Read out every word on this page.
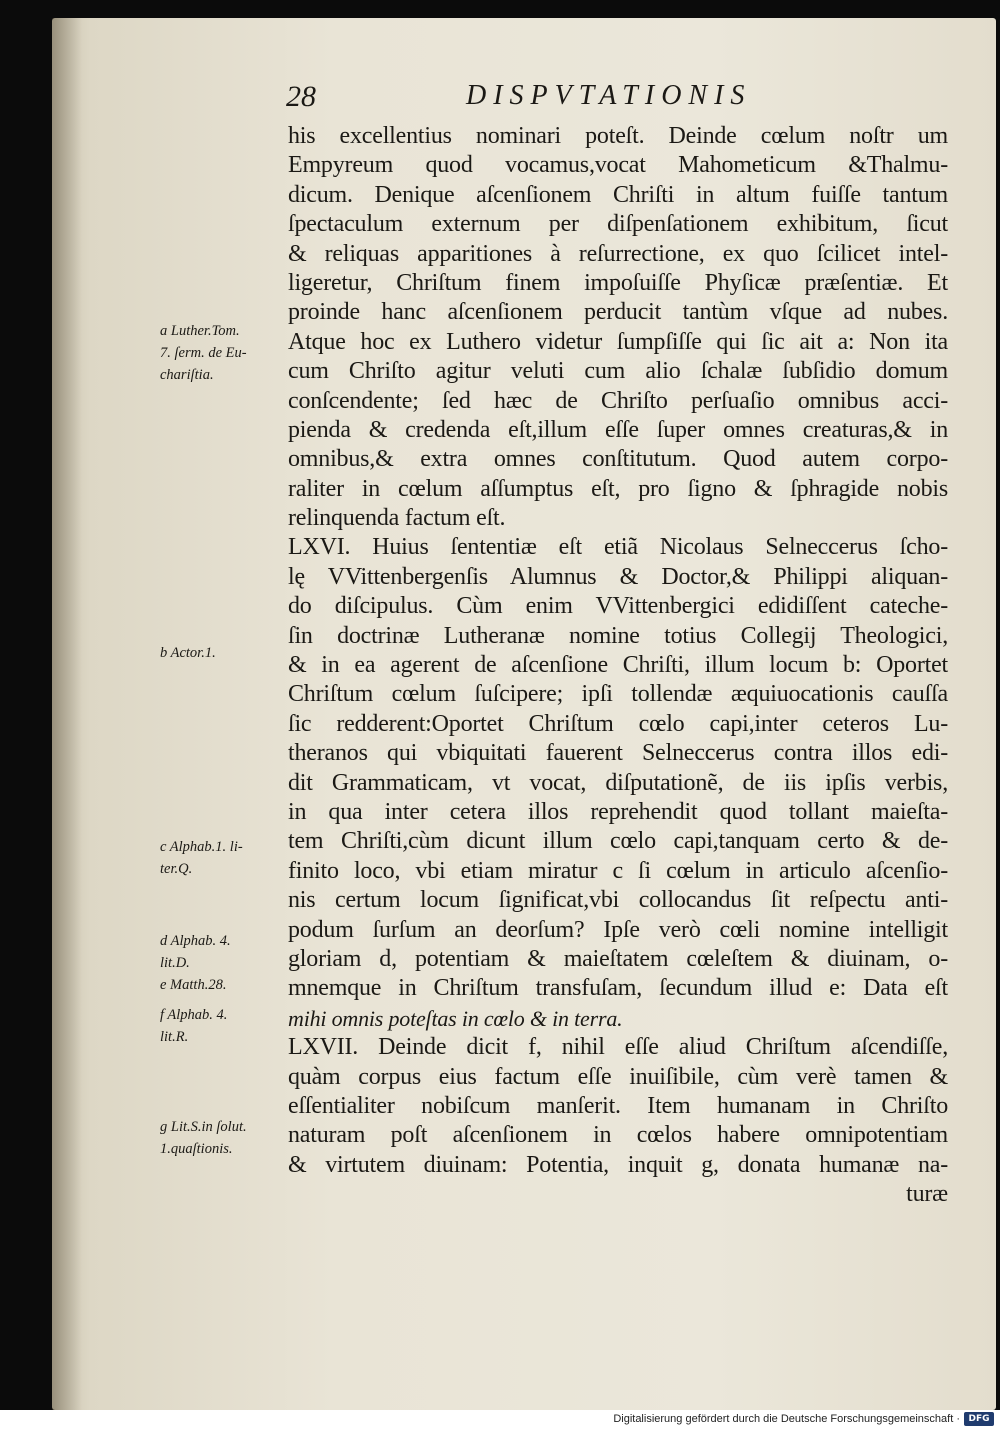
28	DISPVTATIONIS
a Luther.Tom.
7. ſerm. de Eu-
chariſtia.
b Actor.1.
c Alphab.1. li-
ter.Q.
d Alphab. 4.
lit.D.
e Matth.28.
f Alphab. 4.
lit.R.
g Lit.S.in ſolut.
1.quaſtionis.
his excellentius nominari poteſt. Deinde cœlum noſtr um
Empyreum quod vocamus,vocat Mahometicum &Thalmu-
dicum. Denique aſcenſionem Chriſti in altum fuiſſe tantum
ſpectaculum externum per diſpenſationem exhibitum, ſicut
& reliquas apparitiones à reſurrectione, ex quo ſcilicet intel-
ligeretur, Chriſtum finem impoſuiſſe Phyſicæ præſentiæ. Et
proinde hanc aſcenſionem perducit tantùm vſque ad nubes.
Atque hoc ex Luthero videtur ſumpſiſſe qui ſic ait a: Non ita
cum Chriſto agitur veluti cum alio ſchalæ ſubſidio domum
conſcendente; ſed hæc de Chriſto perſuaſio omnibus acci-
pienda & credenda eſt,illum eſſe ſuper omnes creaturas,& in
omnibus,& extra omnes conſtitutum. Quod autem corpo-
raliter in cœlum aſſumptus eſt, pro ſigno & ſphragide nobis
relinquenda factum eſt.
LXVI. Huius ſententiæ eſt etiã Nicolaus Selneccerus ſcho-
lę VVittenbergenſis Alumnus & Doctor,& Philippi aliquan-
do diſcipulus. Cùm enim VVittenbergici edidiſſent cateche-
ſin doctrinæ Lutheranæ nomine totius Collegij Theologici,
& in ea agerent de aſcenſione Chriſti, illum locum b: Oportet
Chriſtum cœlum ſuſcipere; ipſi tollendæ æquiuocationis cauſſa
ſic redderent:Oportet Chriſtum cœlo capi,inter ceteros Lu-
theranos qui vbiquitati fauerent Selneccerus contra illos edi-
dit Grammaticam, vt vocat, diſputationẽ, de iis ipſis verbis,
in qua inter cetera illos reprehendit quod tollant maieſta-
tem Chriſti,cùm dicunt illum cœlo capi,tanquam certo & de-
finito loco, vbi etiam miratur c ſi cœlum in articulo aſcenſio-
nis certum locum ſignificat,vbi collocandus ſit reſpectu anti-
podum ſurſum an deorſum? Ipſe verò cœli nomine intelligit
gloriam d, potentiam & maieſtatem cœleſtem & diuinam, o-
mnemque in Chriſtum transfuſam, ſecundum illud e: Data eſt
mihi omnis poteſtas in cœlo & in terra.
LXVII. Deinde dicit f, nihil eſſe aliud Chriſtum aſcendiſſe,
quàm corpus eius factum eſſe inuiſibile, cùm verè tamen &
eſſentialiter nobiſcum manſerit. Item humanam in Chriſto
naturam poſt aſcenſionem in cœlos habere omnipotentiam
& virtutem diuinam: Potentia, inquit g, donata humanæ na-
turæ
Digitalisierung gefördert durch die Deutsche Forschungsgemeinschaft · DFG
